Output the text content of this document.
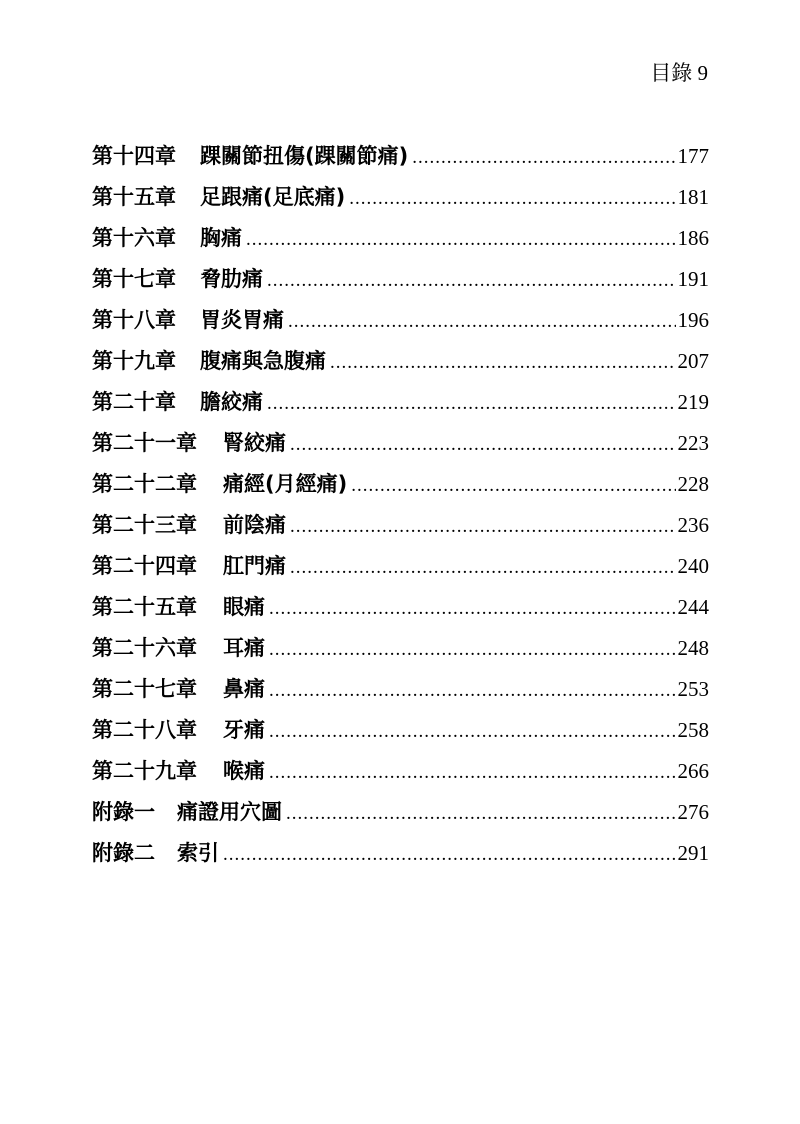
目錄 9
第十四章 踝關節扭傷(踝關節痛) .....	177
第十五章 足跟痛(足底痛) .....	181
第十六章 胸痛 .....	186
第十七章 脅肋痛 .....	191
第十八章 胃炎胃痛 .....	196
第十九章 腹痛與急腹痛 .....	207
第二十章 膽絞痛 .....	219
第二十一章 腎絞痛 .....	223
第二十二章 痛經(月經痛) .....	228
第二十三章 前陰痛 .....	236
第二十四章 肛門痛 .....	240
第二十五章 眼痛 .....	244
第二十六章 耳痛 .....	248
第二十七章 鼻痛 .....	253
第二十八章 牙痛 .....	258
第二十九章 喉痛 .....	266
附錄一 痛證用穴圖 .....	276
附錄二 索引 .....	291
